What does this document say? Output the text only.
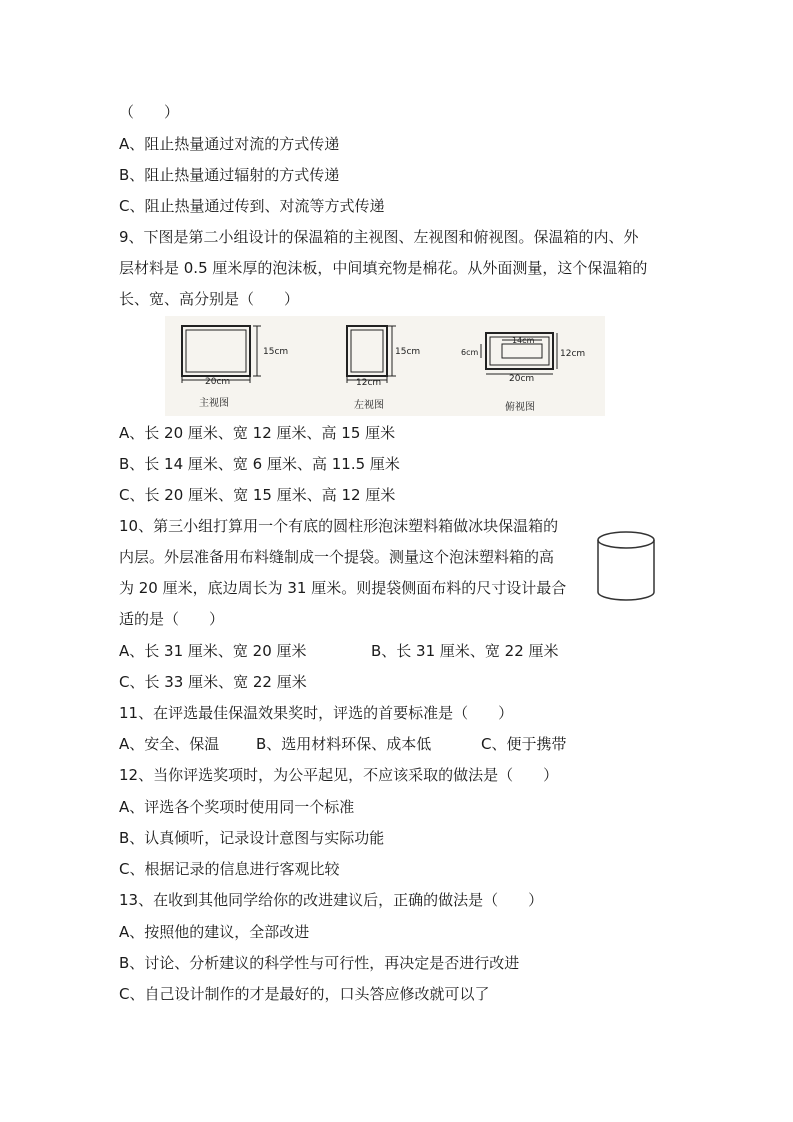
（　　）
A、阻止热量通过对流的方式传递
B、阻止热量通过辐射的方式传递
C、阻止热量通过传到、对流等方式传递
9、下图是第二小组设计的保温箱的主视图、左视图和俯视图。保温箱的内、外
层材料是 0.5 厘米厚的泡沫板，中间填充物是棉花。从外面测量，这个保温箱的
长、宽、高分别是（　　）
15cm
20cm
主视图
15cm
12cm
左视图
14cm
6cm	12cm
20cm
俯视图
A、长 20 厘米、宽 12 厘米、高 15 厘米
B、长 14 厘米、宽 6 厘米、高 11.5 厘米
C、长 20 厘米、宽 15 厘米、高 12 厘米
10、第三小组打算用一个有底的圆柱形泡沫塑料箱做冰块保温箱的
内层。外层准备用布料缝制成一个提袋。测量这个泡沫塑料箱的高
为 20 厘米，底边周长为 31 厘米。则提袋侧面布料的尺寸设计最合
适的是（　　）
A、长 31 厘米、宽 20 厘米	B、长 31 厘米、宽 22 厘米
C、长 33 厘米、宽 22 厘米
11、在评选最佳保温效果奖时，评选的首要标准是（　　）
A、安全、保温 B、选用材料环保、成本低	C、便于携带
12、当你评选奖项时，为公平起见，不应该采取的做法是（　　）
A、评选各个奖项时使用同一个标准
B、认真倾听，记录设计意图与实际功能
C、根据记录的信息进行客观比较
13、在收到其他同学给你的改进建议后，正确的做法是（　　）
A、按照他的建议，全部改进
B、讨论、分析建议的科学性与可行性，再决定是否进行改进
C、自己设计制作的才是最好的，口头答应修改就可以了
